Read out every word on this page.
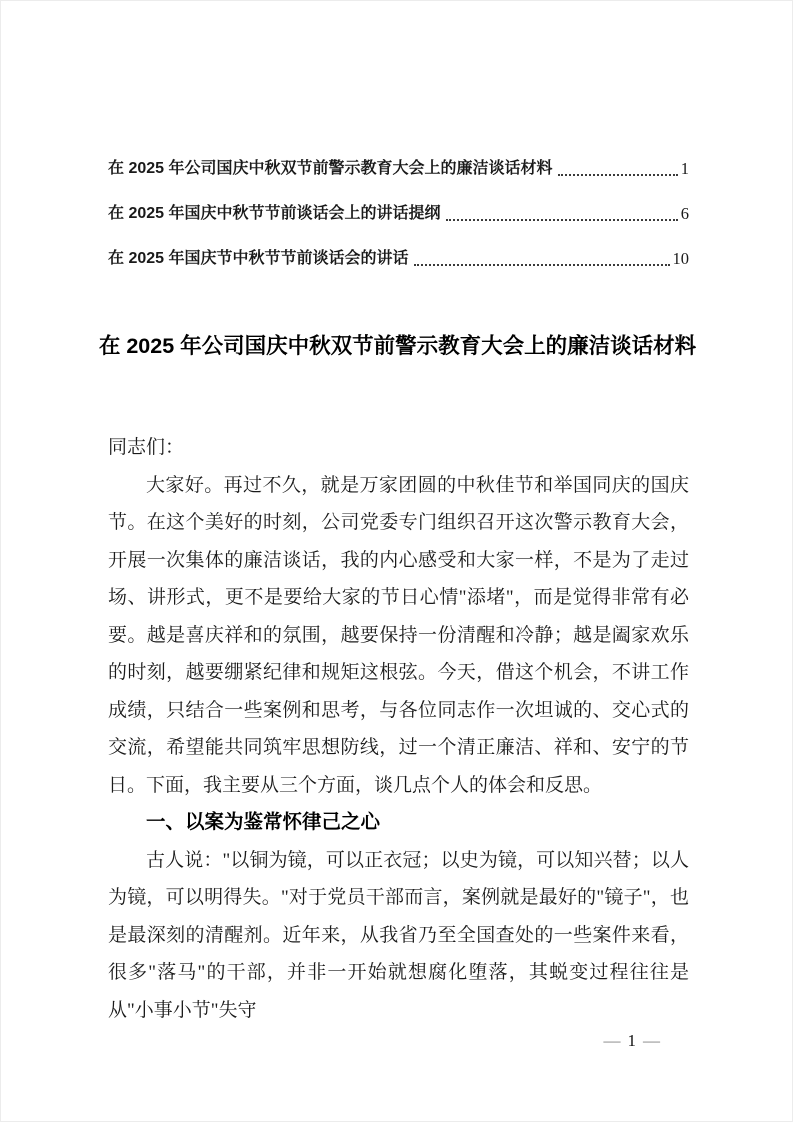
在 2025 年公司国庆中秋双节前警示教育大会上的廉洁谈话材料	1
在 2025 年国庆中秋节节前谈话会上的讲话提纲	6
在 2025 年国庆节中秋节节前谈话会的讲话	10
在 2025 年公司国庆中秋双节前警示教育大会上的廉洁谈话材料

同志们：

大家好。再过不久，就是万家团圆的中秋佳节和举国同庆的国庆节。在这个美好的时刻，公司党委专门组织召开这次警示教育大会，开展一次集体的廉洁谈话，我的内心感受和大家一样，不是为了走过场、讲形式，更不是要给大家的节日心情"添堵"，而是觉得非常有必要。越是喜庆祥和的氛围，越要保持一份清醒和冷静；越是阖家欢乐的时刻，越要绷紧纪律和规矩这根弦。今天，借这个机会，不讲工作成绩，只结合一些案例和思考，与各位同志作一次坦诚的、交心式的交流，希望能共同筑牢思想防线，过一个清正廉洁、祥和、安宁的节日。下面，我主要从三个方面，谈几点个人的体会和反思。

一、以案为鉴常怀律己之心

古人说："以铜为镜，可以正衣冠；以史为镜，可以知兴替；以人为镜，可以明得失。"对于党员干部而言，案例就是最好的"镜子"，也是最深刻的清醒剂。近年来，从我省乃至全国查处的一些案件来看，很多"落马"的干部，并非一开始就想腐化堕落，其蜕变过程往往是从"小事小节"失守

— 1 —
